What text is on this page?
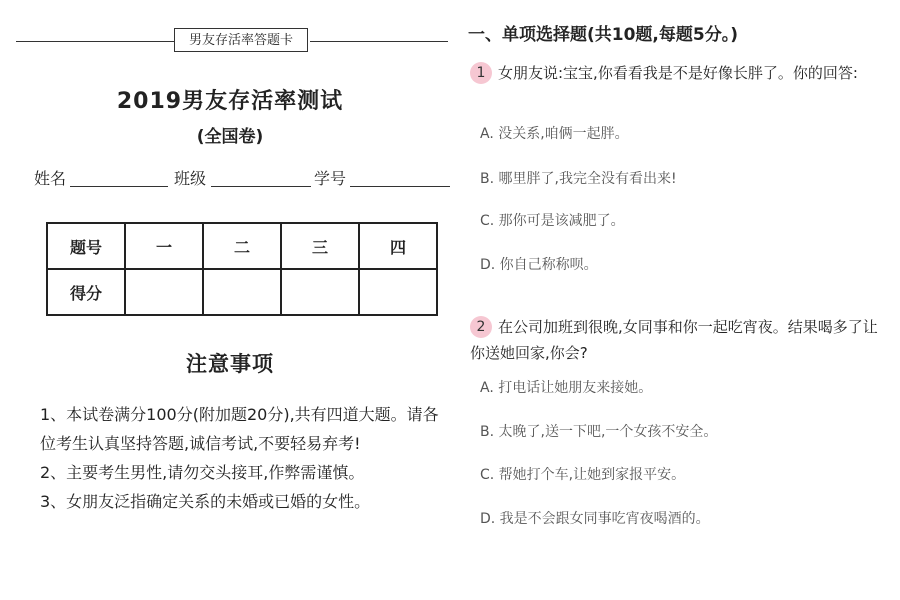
男友存活率答题卡
2019男友存活率测试
(全国卷)
姓名	班级	学号
题号	一	二	三	四
得分				
注意事项

1、本试卷满分100分(附加题20分),共有四道大题。请各位考生认真坚持答题,诚信考试,不要轻易弃考!

2、主要考生男性,请勿交头接耳,作弊需谨慎。

3、女朋友泛指确定关系的未婚或已婚的女性。

一、单项选择题(共10题,每题5分。)
1 女朋友说:宝宝,你看看我是不是好像长胖了。你的回答:
A. 没关系,咱俩一起胖。
B. 哪里胖了,我完全没有看出来!
C. 那你可是该减肥了。
D. 你自己称称呗。
2 在公司加班到很晚,女同事和你一起吃宵夜。结果喝多了让你送她回家,你会?
A. 打电话让她朋友来接她。
B. 太晚了,送一下吧,一个女孩不安全。
C. 帮她打个车,让她到家报平安。
D. 我是不会跟女同事吃宵夜喝酒的。
